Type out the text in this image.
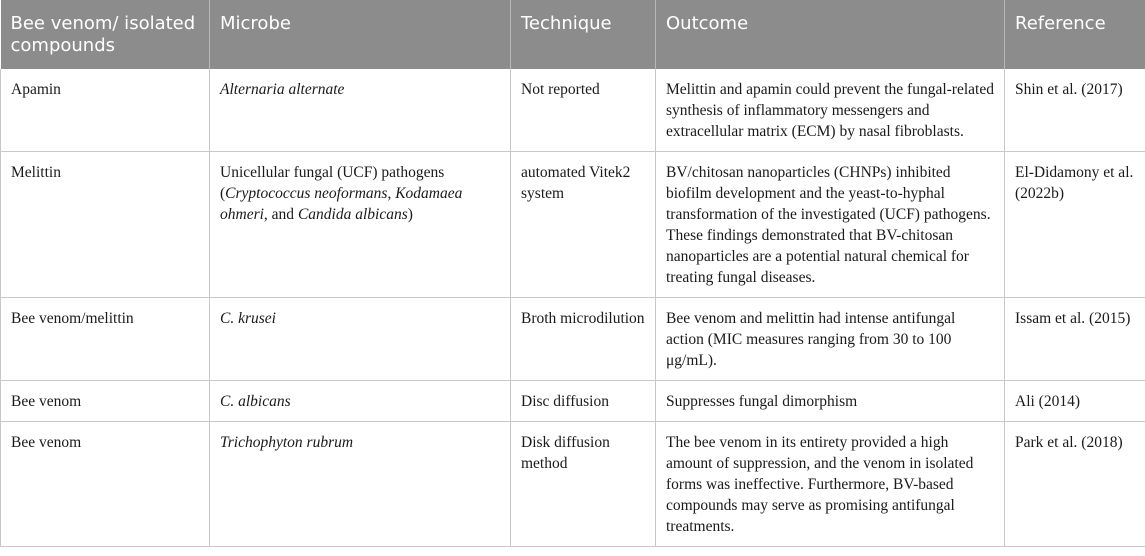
Bee venom/ isolated compounds	Microbe	Technique	Outcome	Reference
Apamin	Alternaria alternate	Not reported	Melittin and apamin could prevent the fungal-related synthesis of inflammatory messengers and extracellular matrix (ECM) by nasal fibroblasts.	Shin et al. (2017)
Melittin	Unicellular fungal (UCF) pathogens (Cryptococcus neoformans, Kodamaea ohmeri, and Candida albicans)	automated Vitek2 system	BV/chitosan nanoparticles (CHNPs) inhibited biofilm development and the yeast-to-hyphal transformation of the investigated (UCF) pathogens. These findings demonstrated that BV-chitosan nanoparticles are a potential natural chemical for treating fungal diseases.	El-Didamony et al. (2022b)
Bee venom/melittin	C. krusei	Broth microdilution	Bee venom and melittin had intense antifungal action (MIC measures ranging from 30 to 100 μg/mL).	Issam et al. (2015)
Bee venom	C. albicans	Disc diffusion	Suppresses fungal dimorphism	Ali (2014)
Bee venom	Trichophyton rubrum	Disk diffusion method	The bee venom in its entirety provided a high amount of suppression, and the venom in isolated forms was ineffective. Furthermore, BV-based compounds may serve as promising antifungal treatments.	Park et al. (2018)
